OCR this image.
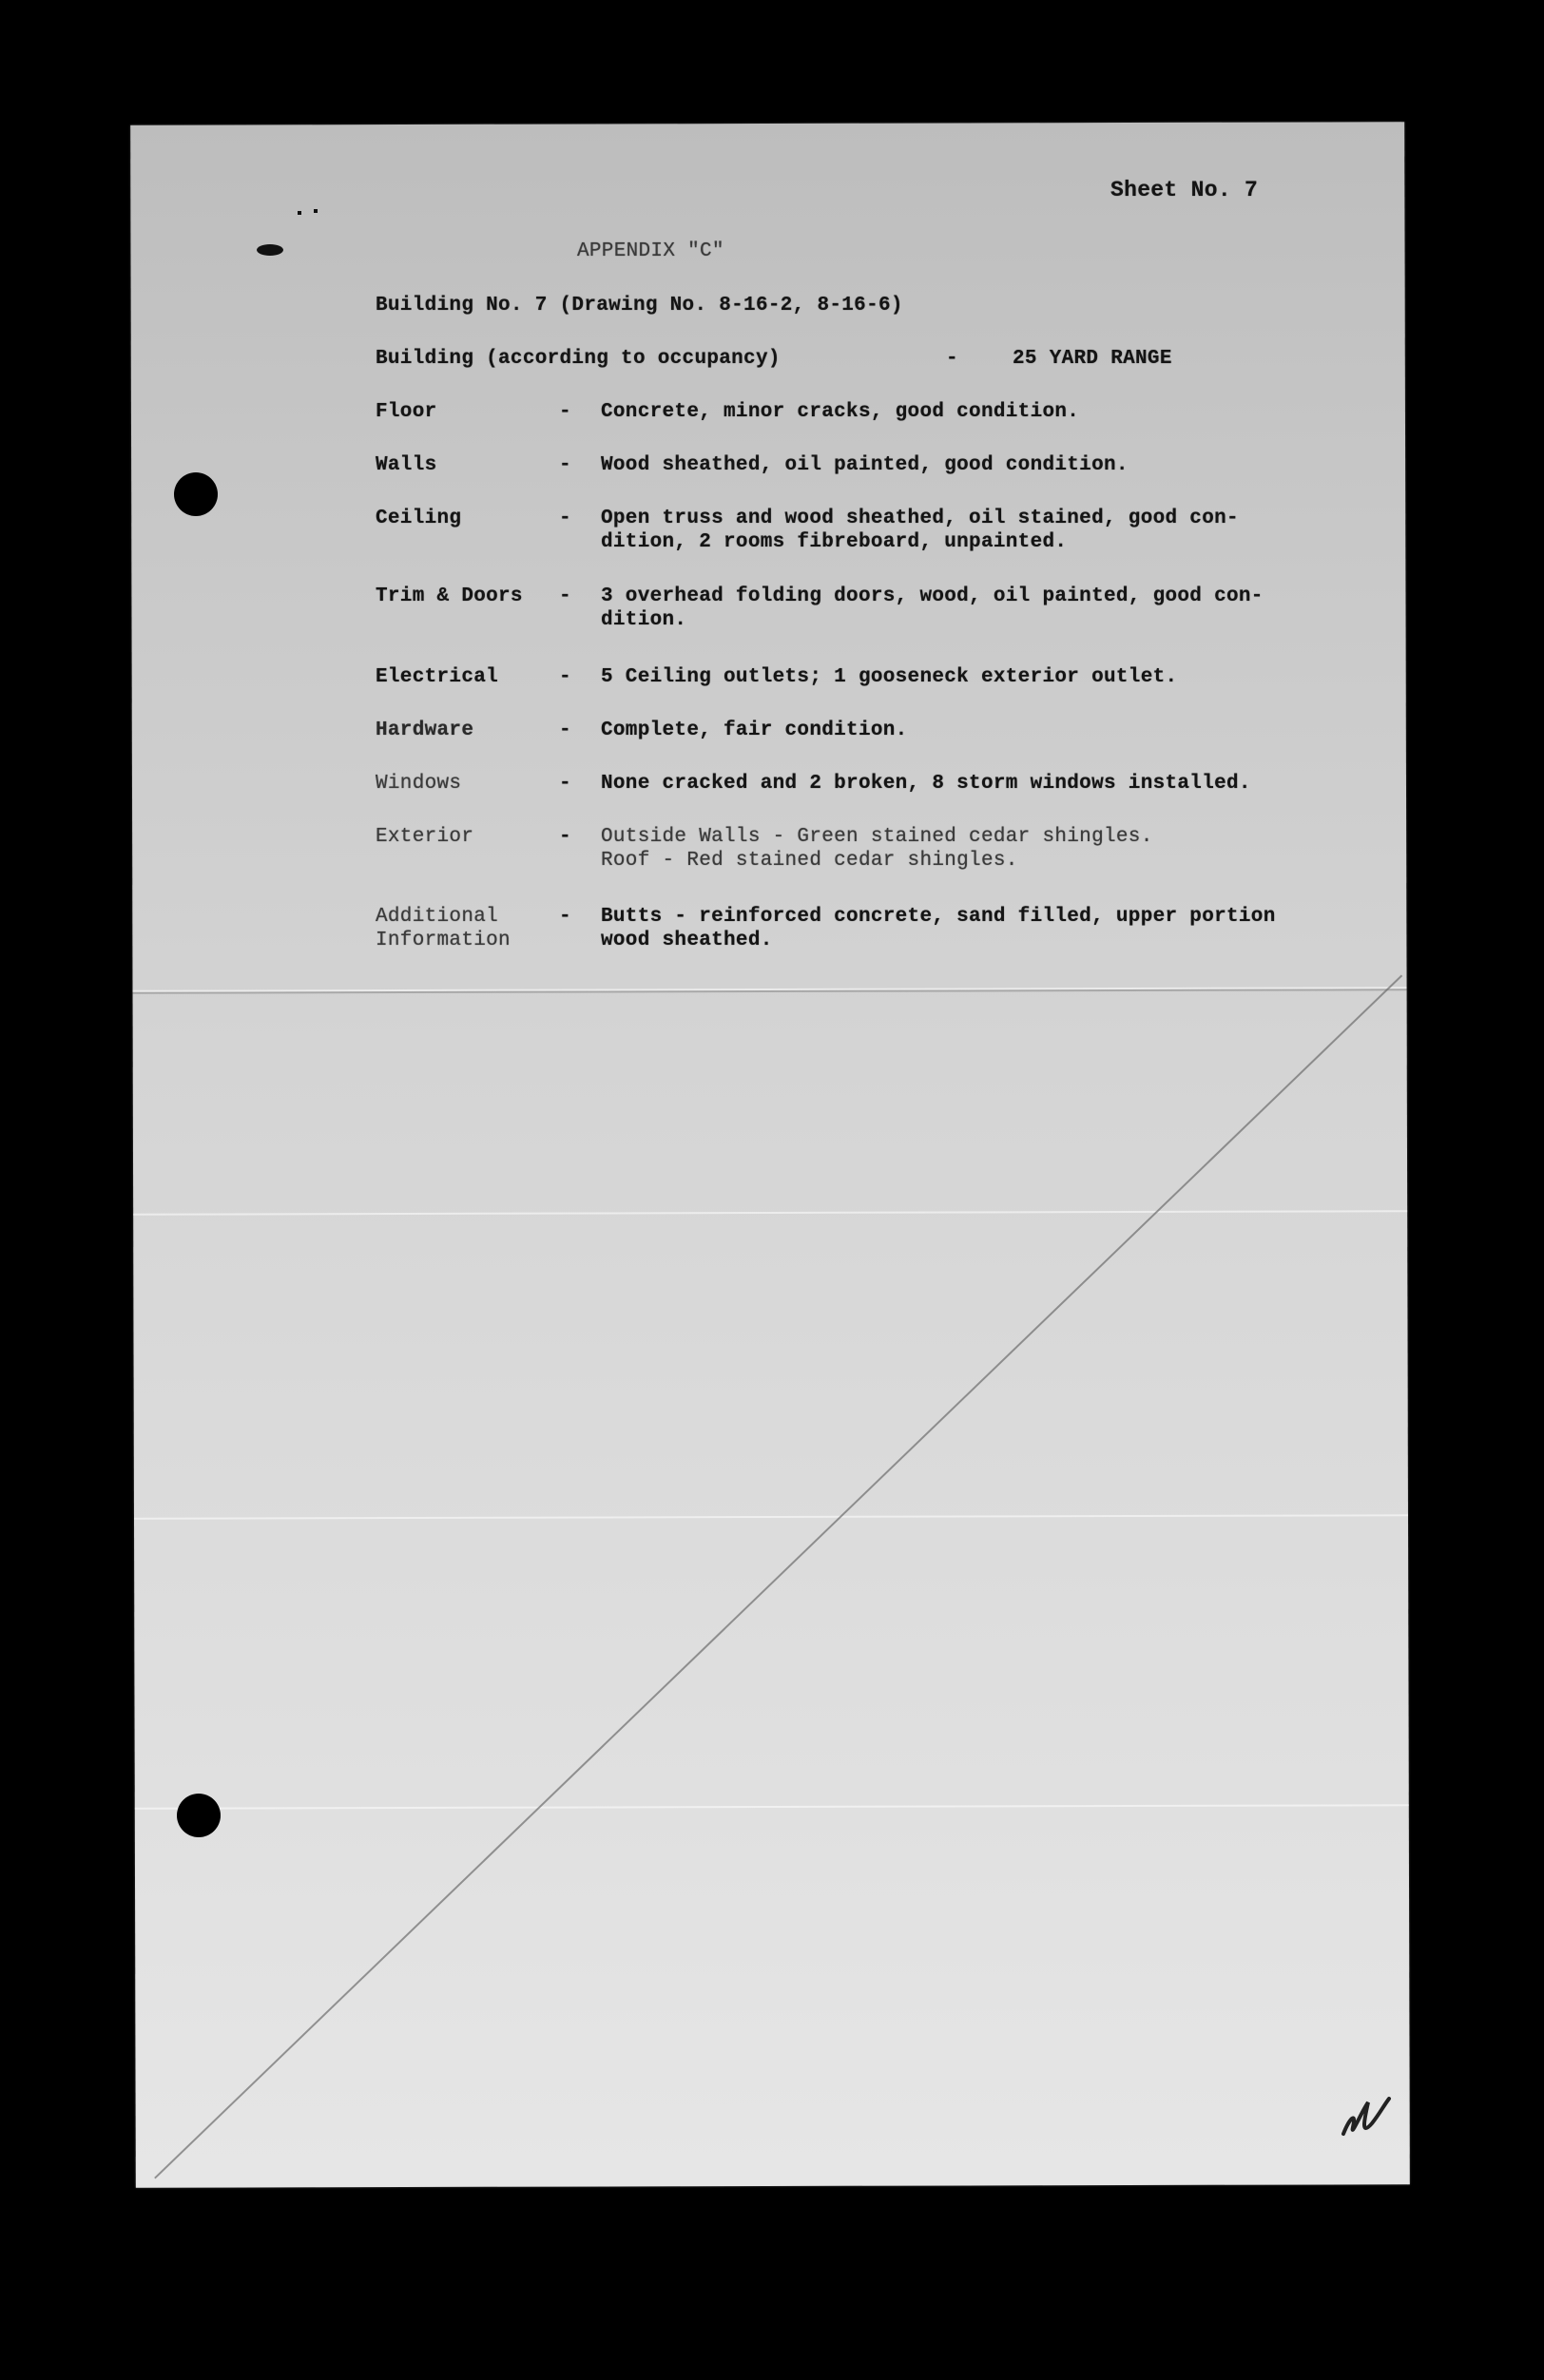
Sheet No. 7
APPENDIX "C"
Building No. 7 (Drawing No. 8-16-2, 8-16-6)
Building (according to occupancy)	-	25 YARD RANGE
Floor	- Concrete, minor cracks, good condition.
Walls	- Wood sheathed, oil painted, good condition.
Ceiling	- Open truss and wood sheathed, oil stained, good con-
dition, 2 rooms fibreboard, unpainted.
Trim & Doors - 3 overhead folding doors, wood, oil painted, good con-
dition.
Electrical	- 5 Ceiling outlets; 1 gooseneck exterior outlet.
Hardware	- Complete, fair condition.
Windows	- None cracked and 2 broken, 8 storm windows installed.
Exterior	- Outside Walls - Green stained cedar shingles.
Roof - Red stained cedar shingles.
Additional
Information
- Butts - reinforced concrete, sand filled, upper portion
wood sheathed.
